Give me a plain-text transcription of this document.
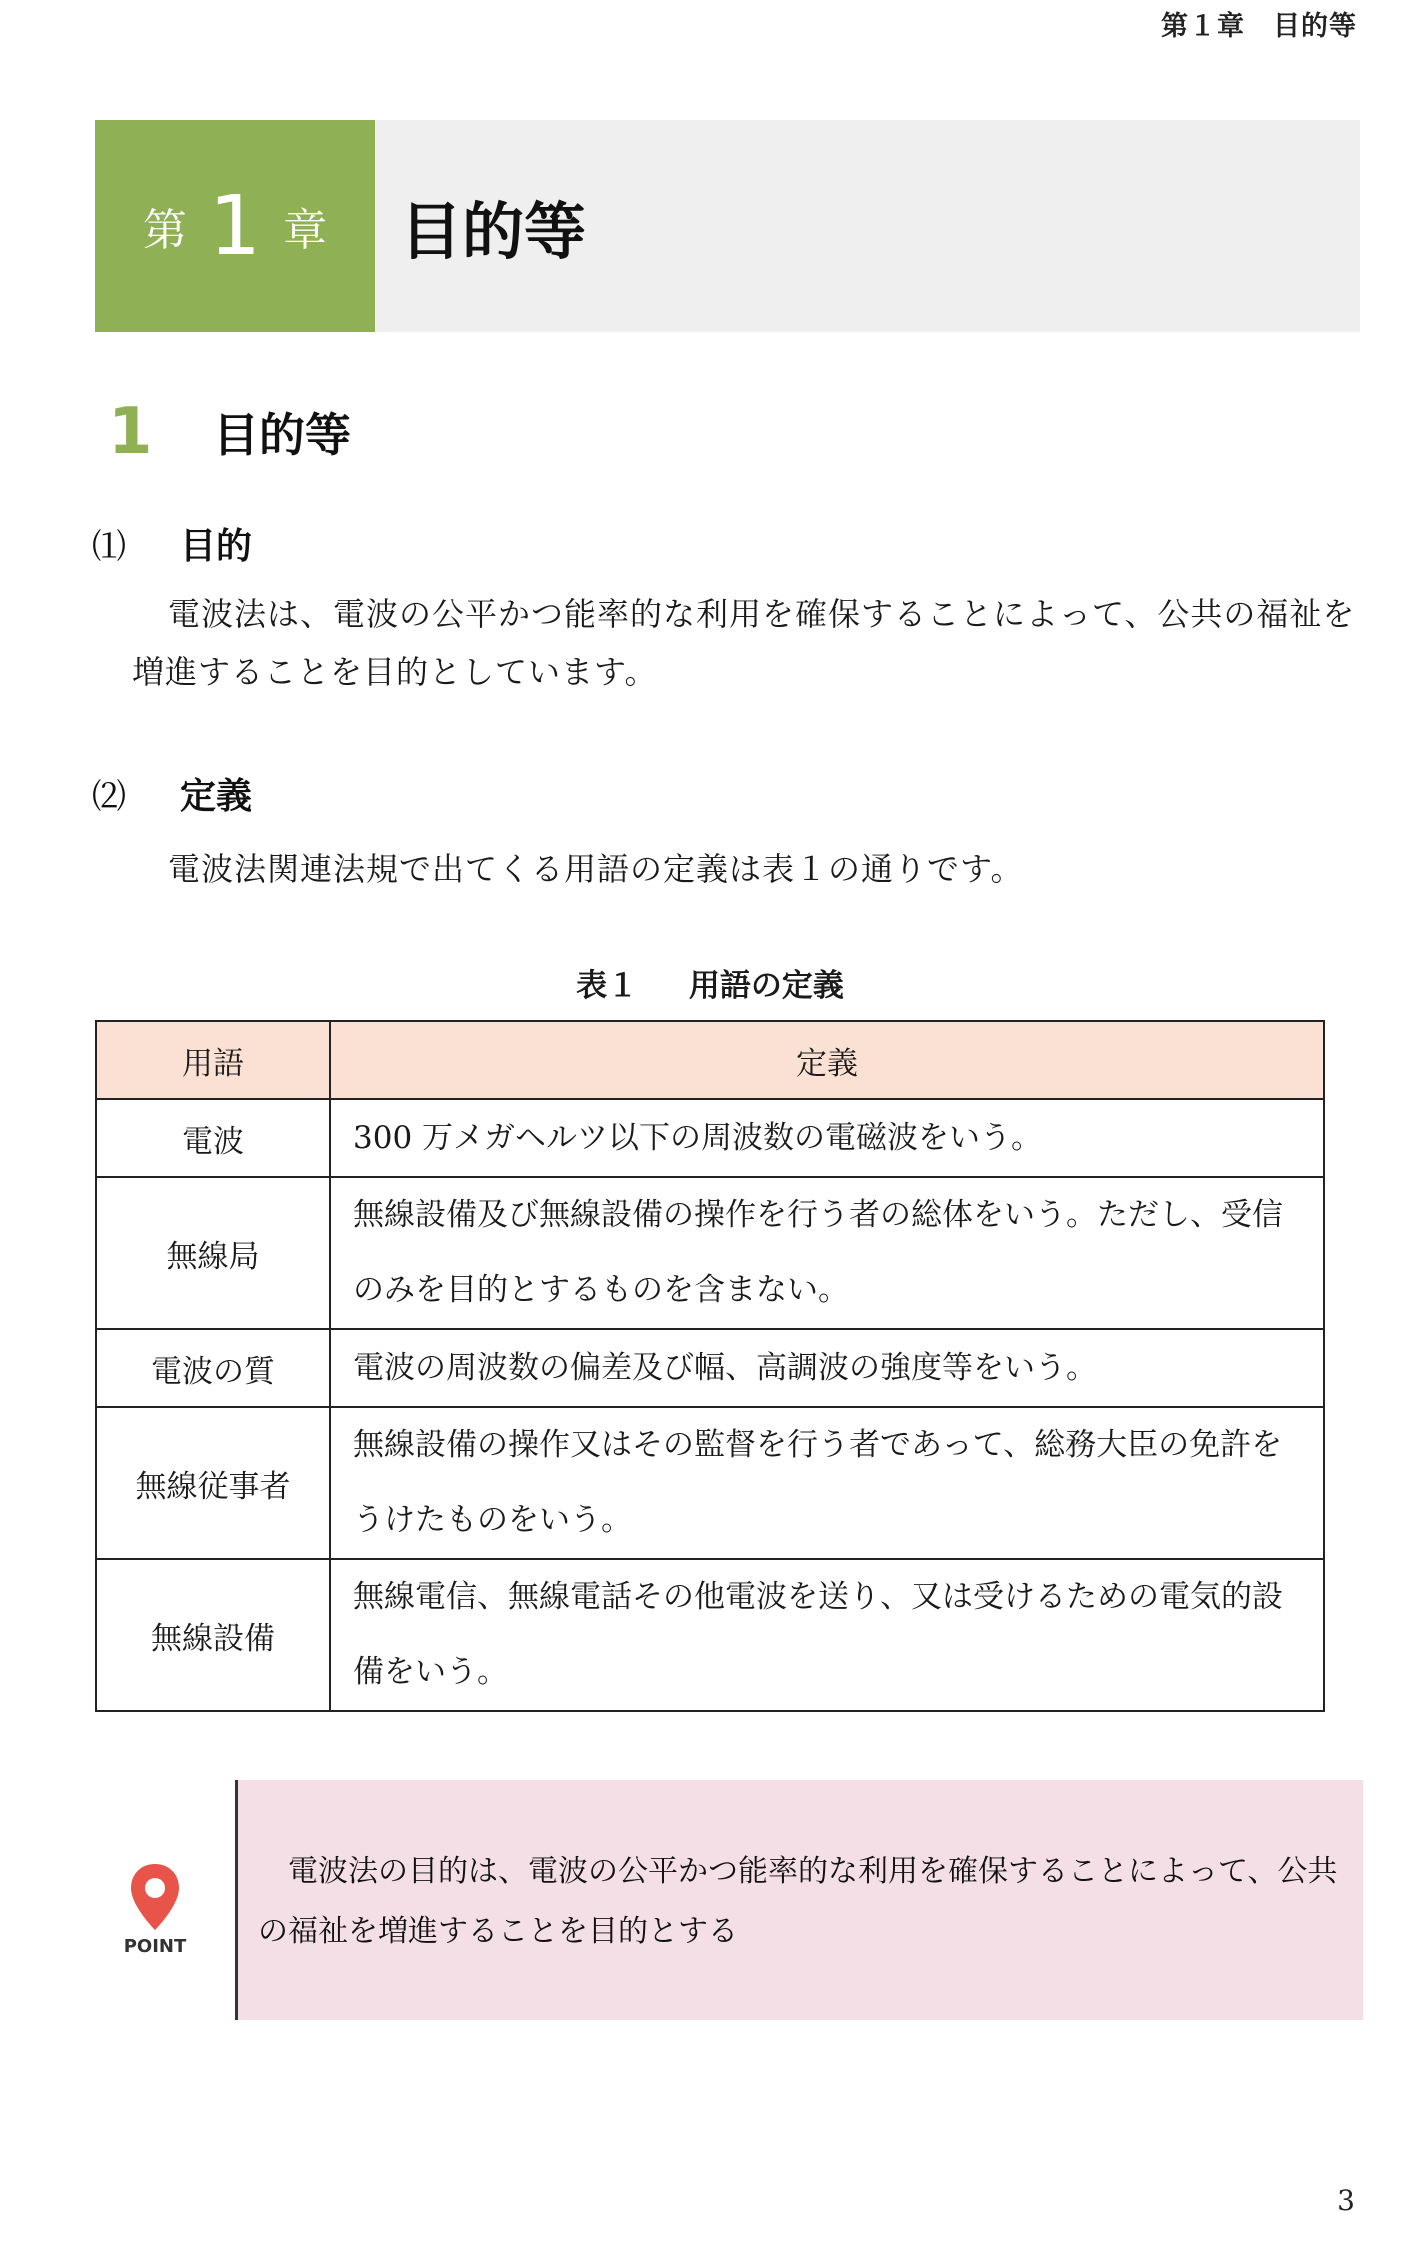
第１章　目的等
第 1 章 目的等
1	目的等
⑴	目的
電波法は、電波の公平かつ能率的な利用を確保することによって、公共の福祉を増進することを目的としています。
⑵	定義
電波法関連法規で出てくる用語の定義は表１の通りです。
表１ 用語の定義
用語	定義
電波	300 万メガヘルツ以下の周波数の電磁波をいう。
無線局	無線設備及び無線設備の操作を行う者の総体をいう。ただし、受信のみを目的とするものを含まない。
電波の質	電波の周波数の偏差及び幅、高調波の強度等をいう。
無線従事者	無線設備の操作又はその監督を行う者であって、総務大臣の免許をうけたものをいう。
無線設備	無線電信、無線電話その他電波を送り、又は受けるための電気的設備をいう。
POINT
電波法の目的は、電波の公平かつ能率的な利用を確保することによって、公共の福祉を増進することを目的とする
3
